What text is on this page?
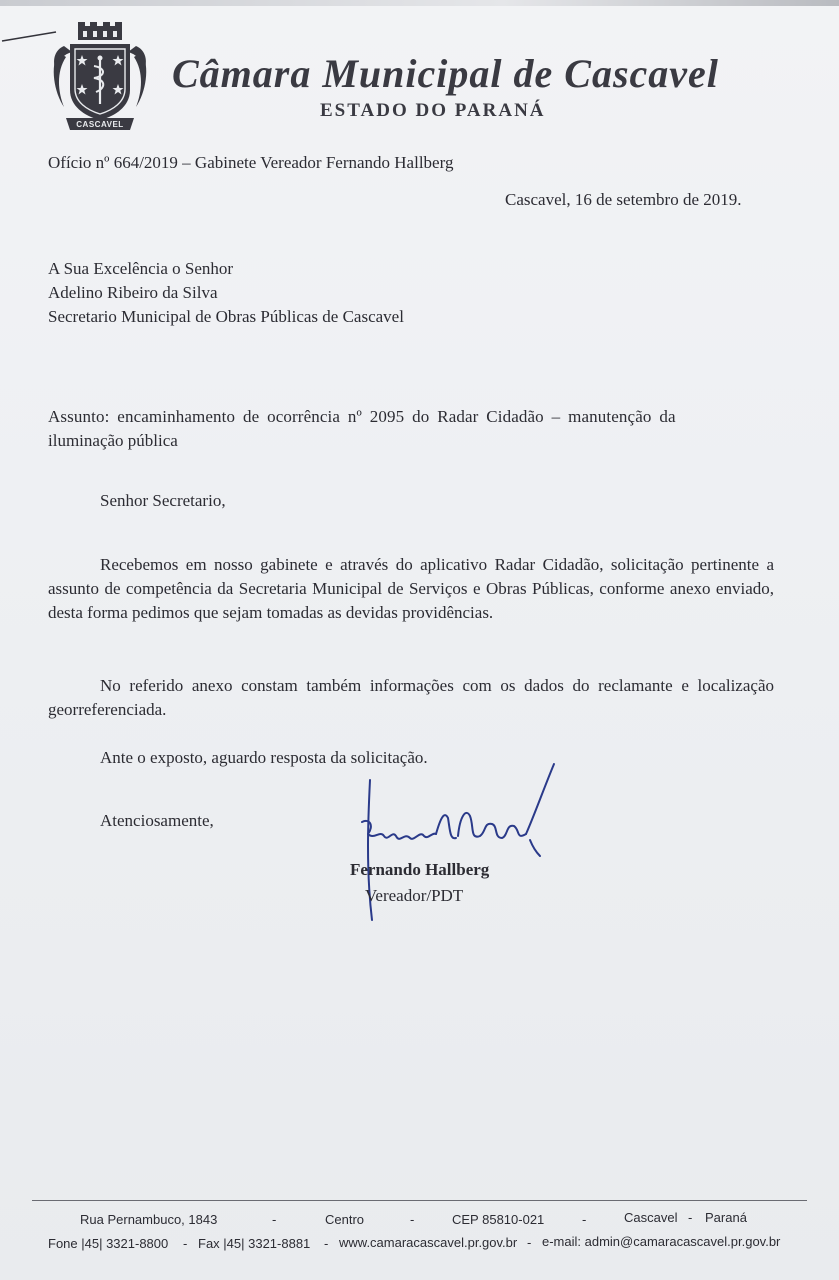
CASCAVEL
Câmara Municipal de Cascavel
ESTADO DO PARANÁ
Ofício nº 664/2019 – Gabinete Vereador Fernando Hallberg
Cascavel, 16 de setembro de 2019.
A Sua Excelência o Senhor
Adelino Ribeiro da Silva
Secretario Municipal de Obras Públicas de Cascavel
Assunto: encaminhamento de ocorrência nº 2095 do Radar Cidadão – manutenção da
iluminação pública
Senhor Secretario,
Recebemos em nosso gabinete e através do aplicativo Radar Cidadão, solicitação pertinente a assunto de competência da Secretaria Municipal de Serviços e Obras Públicas, conforme anexo enviado, desta forma pedimos que sejam tomadas as devidas providências.
No referido anexo constam também informações com os dados do reclamante e localização georreferenciada.
Ante o exposto, aguardo resposta da solicitação.
Atenciosamente,
Fernando Hallberg
Vereador/PDT
Rua Pernambuco, 1843	-	Centro	-	CEP 85810-021	-	Cascavel - Paraná
Fone |45| 3321-8800 - Fax |45| 3321-8881 - www.camaracascavel.pr.gov.br - e-mail: admin@camaracascavel.pr.gov.br
